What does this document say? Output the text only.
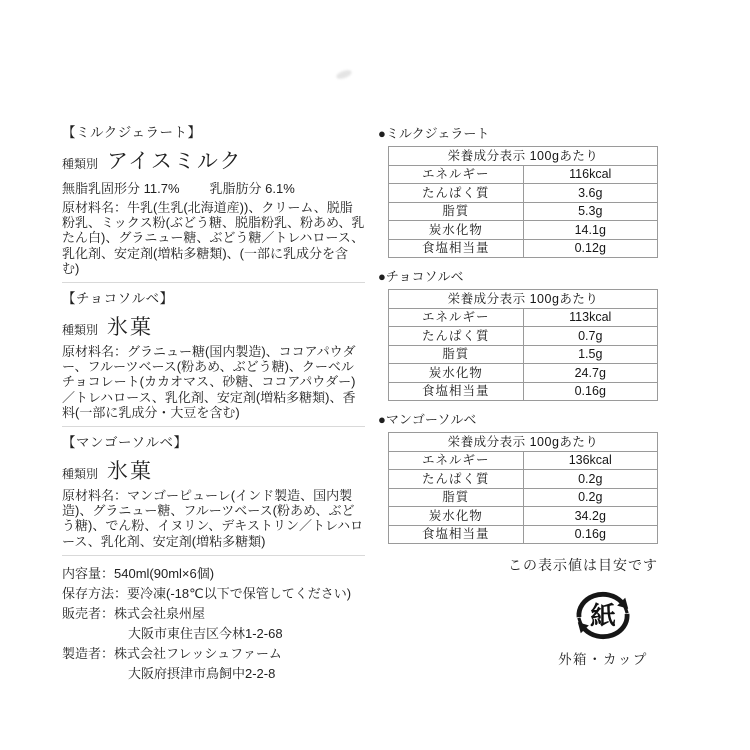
【ミルクジェラート】
種類別 アイスミルク
無脂乳固形分 11.7% 乳脂肪分 6.1%
原材料名：牛乳(生乳(北海道産))、クリーム、脱脂粉乳、ミックス粉(ぶどう糖、脱脂粉乳、粉あめ、乳たん白)、グラニュー糖、ぶどう糖／トレハロース、乳化剤、安定剤(増粘多糖類)、(一部に乳成分を含む)
【チョコソルベ】
種類別 氷菓
原材料名：グラニュー糖(国内製造)、ココアパウダー、フルーツベース(粉あめ、ぶどう糖)、クーベルチョコレート(カカオマス、砂糖、ココアパウダー)／トレハロース、乳化剤、安定剤(増粘多糖類)、香料(一部に乳成分・大豆を含む)
【マンゴーソルベ】
種類別 氷菓
原材料名：マンゴーピューレ(インド製造、国内製造)、グラニュー糖、フルーツベース(粉あめ、ぶどう糖)、でん粉、イヌリン、デキストリン／トレハロース、乳化剤、安定剤(増粘多糖類)
内容量：540ml(90ml×6個)
保存方法：要冷凍(-18℃以下で保管してください)
販売者：株式会社泉州屋
大阪市東住吉区今林1-2-68
製造者：株式会社フレッシュファーム
大阪府摂津市鳥飼中2-2-8
●ミルクジェラート
栄養成分表示 100gあたり	
エネルギー	116kcal
たんぱく質	3.6g
脂質	5.3g
炭水化物	14.1g
食塩相当量	0.12g
●チョコソルベ
栄養成分表示 100gあたり	
エネルギー	113kcal
たんぱく質	0.7g
脂質	1.5g
炭水化物	24.7g
食塩相当量	0.16g
●マンゴーソルベ
栄養成分表示 100gあたり	
エネルギー	136kcal
たんぱく質	0.2g
脂質	0.2g
炭水化物	34.2g
食塩相当量	0.16g
この表示値は目安です
紙
外箱・カップ
